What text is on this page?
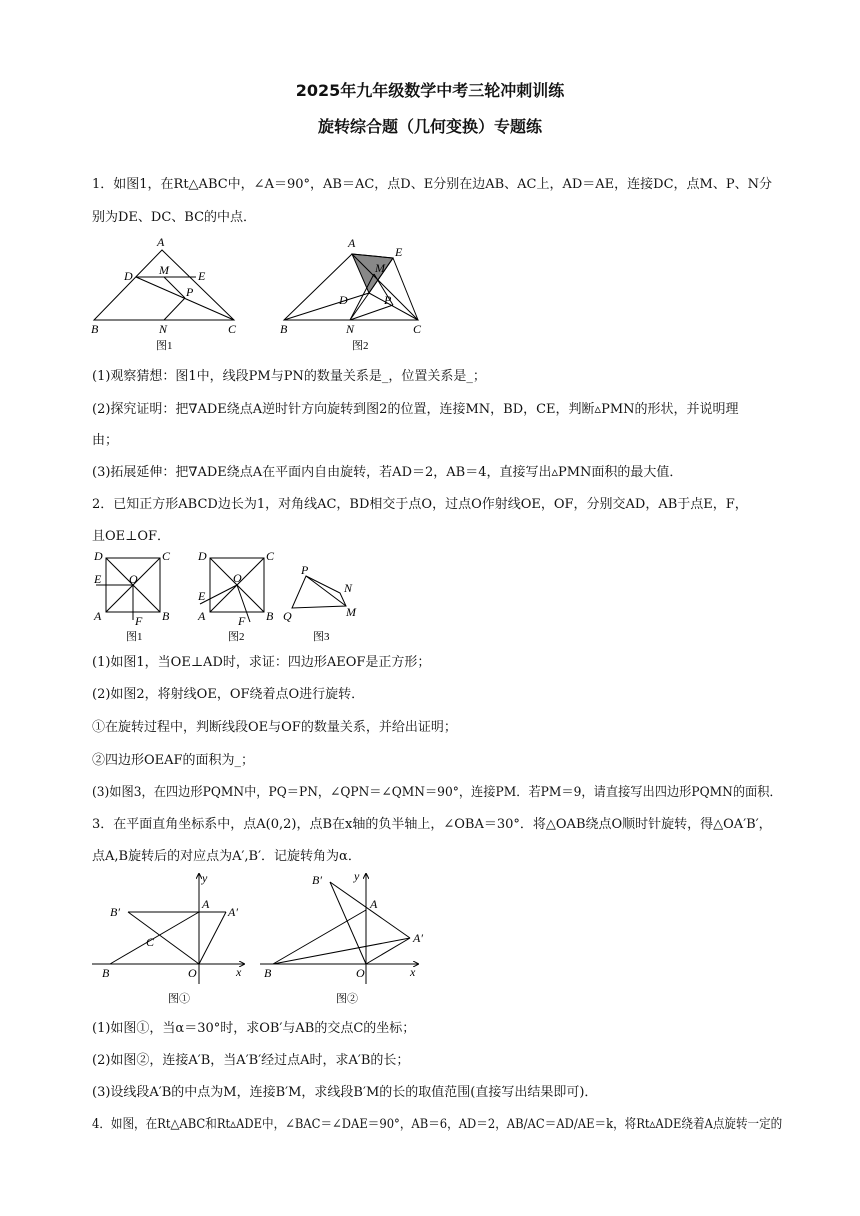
2025年九年级数学中考三轮冲刺训练
旋转综合题（几何变换）专题练
1．如图1，在Rt△ABC中，∠A＝90°，AB＝AC，点D、E分别在边AB、AC上，AD＝AE，连接DC，点M、P、N分
别为DE、DC、BC的中点．
A
D M E
P
B	N	C
图1
A
E
M
D	P
B	N	C
图2
(1)观察猜想：图1中，线段PM与PN的数量关系是_，位置关系是_；
(2)探究证明：把∇ADE绕点A逆时针方向旋转到图2的位置，连接MN，BD，CE，判断▵PMN的形状，并说明理
由；
(3)拓展延伸：把∇ADE绕点A在平面内自由旋转，若AD＝2，AB＝4，直接写出▵PMN面积的最大值．
2．已知正方形ABCD边长为1，对角线AC，BD相交于点O，过点O作射线OE，OF，分别交AD，AB于点E，F，
且OE⊥OF．
D	C
E O
A	F B
图1
D	C
O
E
A	F B
图2
P
N
Q	M
图3
(1)如图1，当OE⊥AD时，求证：四边形AEOF是正方形；
(2)如图2，将射线OE，OF绕着点O进行旋转．
①在旋转过程中，判断线段OE与OF的数量关系，并给出证明；
②四边形OEAF的面积为_；
(3)如图3，在四边形PQMN中，PQ＝PN，∠QPN＝∠QMN＝90°，连接PM．若PM＝9，请直接写出四边形PQMN的面积．
3．在平面直角坐标系中，点A(0,2)，点B在x轴的负半轴上，∠OBA＝30°．将△OAB绕点O顺时针旋转，得△OA′B′，
点A,B旋转后的对应点为A′,B′．记旋转角为α．
y
B′
A
A′
C
B	O	x
图①
B′	y
A
A′
B	O	x
图②
(1)如图①，当α＝30°时，求OB′与AB的交点C的坐标；
(2)如图②，连接A′B，当A′B′经过点A时，求A′B的长；
(3)设线段A′B的中点为M，连接B′M，求线段B′M的长的取值范围(直接写出结果即可)．
4．如图，在Rt△ABC和Rt▵ADE中，∠BAC＝∠DAE＝90°，AB＝6，AD＝2，AB/AC＝AD/AE＝k，将Rt▵ADE绕着A点旋转一定的
